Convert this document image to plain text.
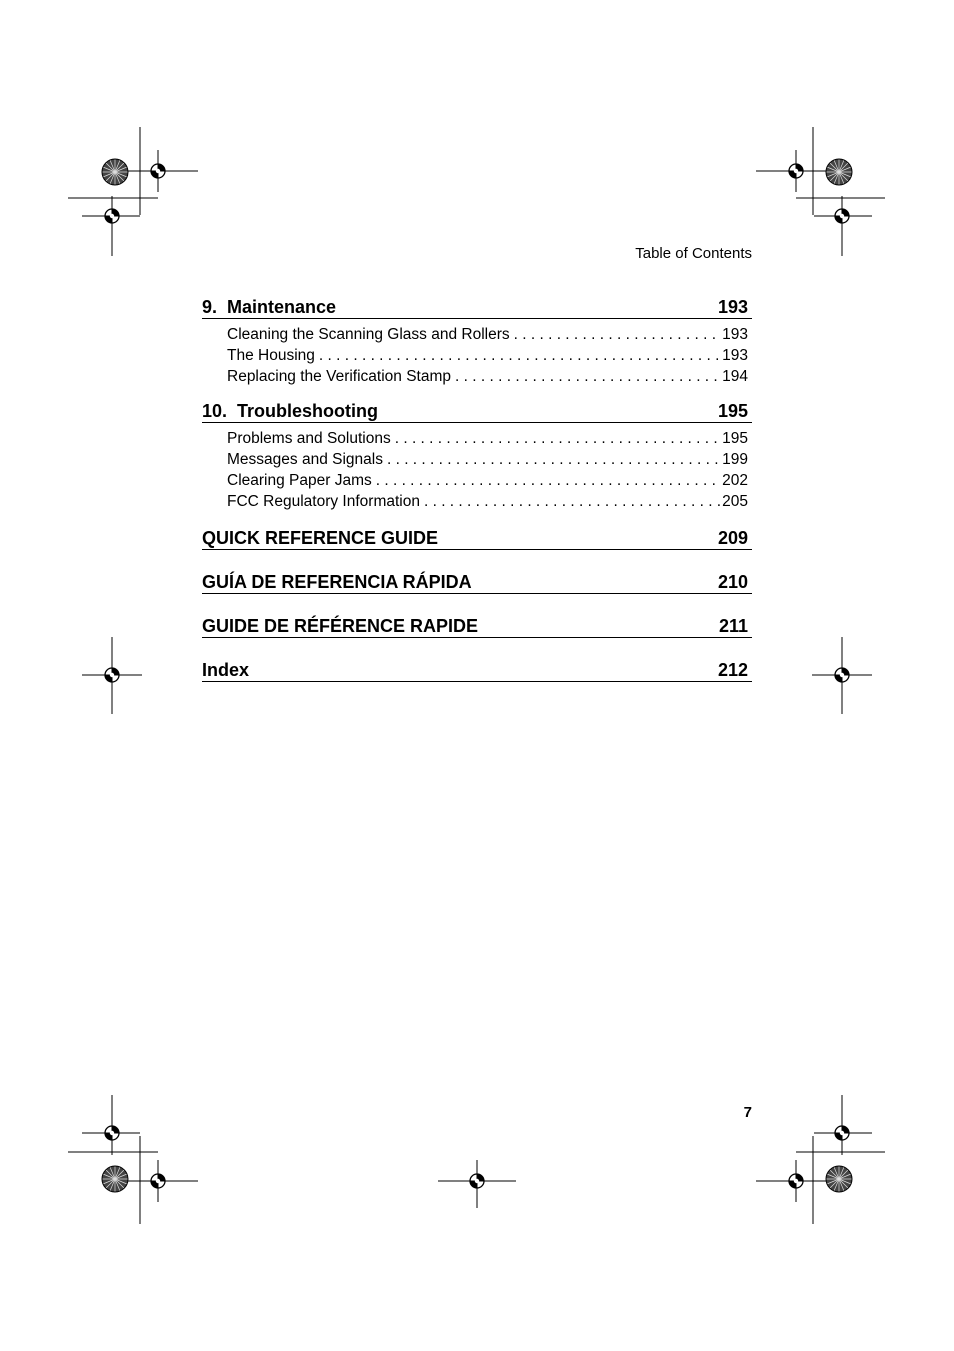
Table of Contents
9.  Maintenance	193
Cleaning the Scanning Glass and Rollers . . .	193
The Housing . . .	193
Replacing the Verification Stamp . . .	194
10.  Troubleshooting	195
Problems and Solutions . . .	195
Messages and Signals . . .	199
Clearing Paper Jams . . .	202
FCC Regulatory Information . . .	205
QUICK REFERENCE GUIDE	209
GUÍA DE REFERENCIA RÁPIDA	210
GUIDE DE RÉFÉRENCE RAPIDE	211
Index	212
7
